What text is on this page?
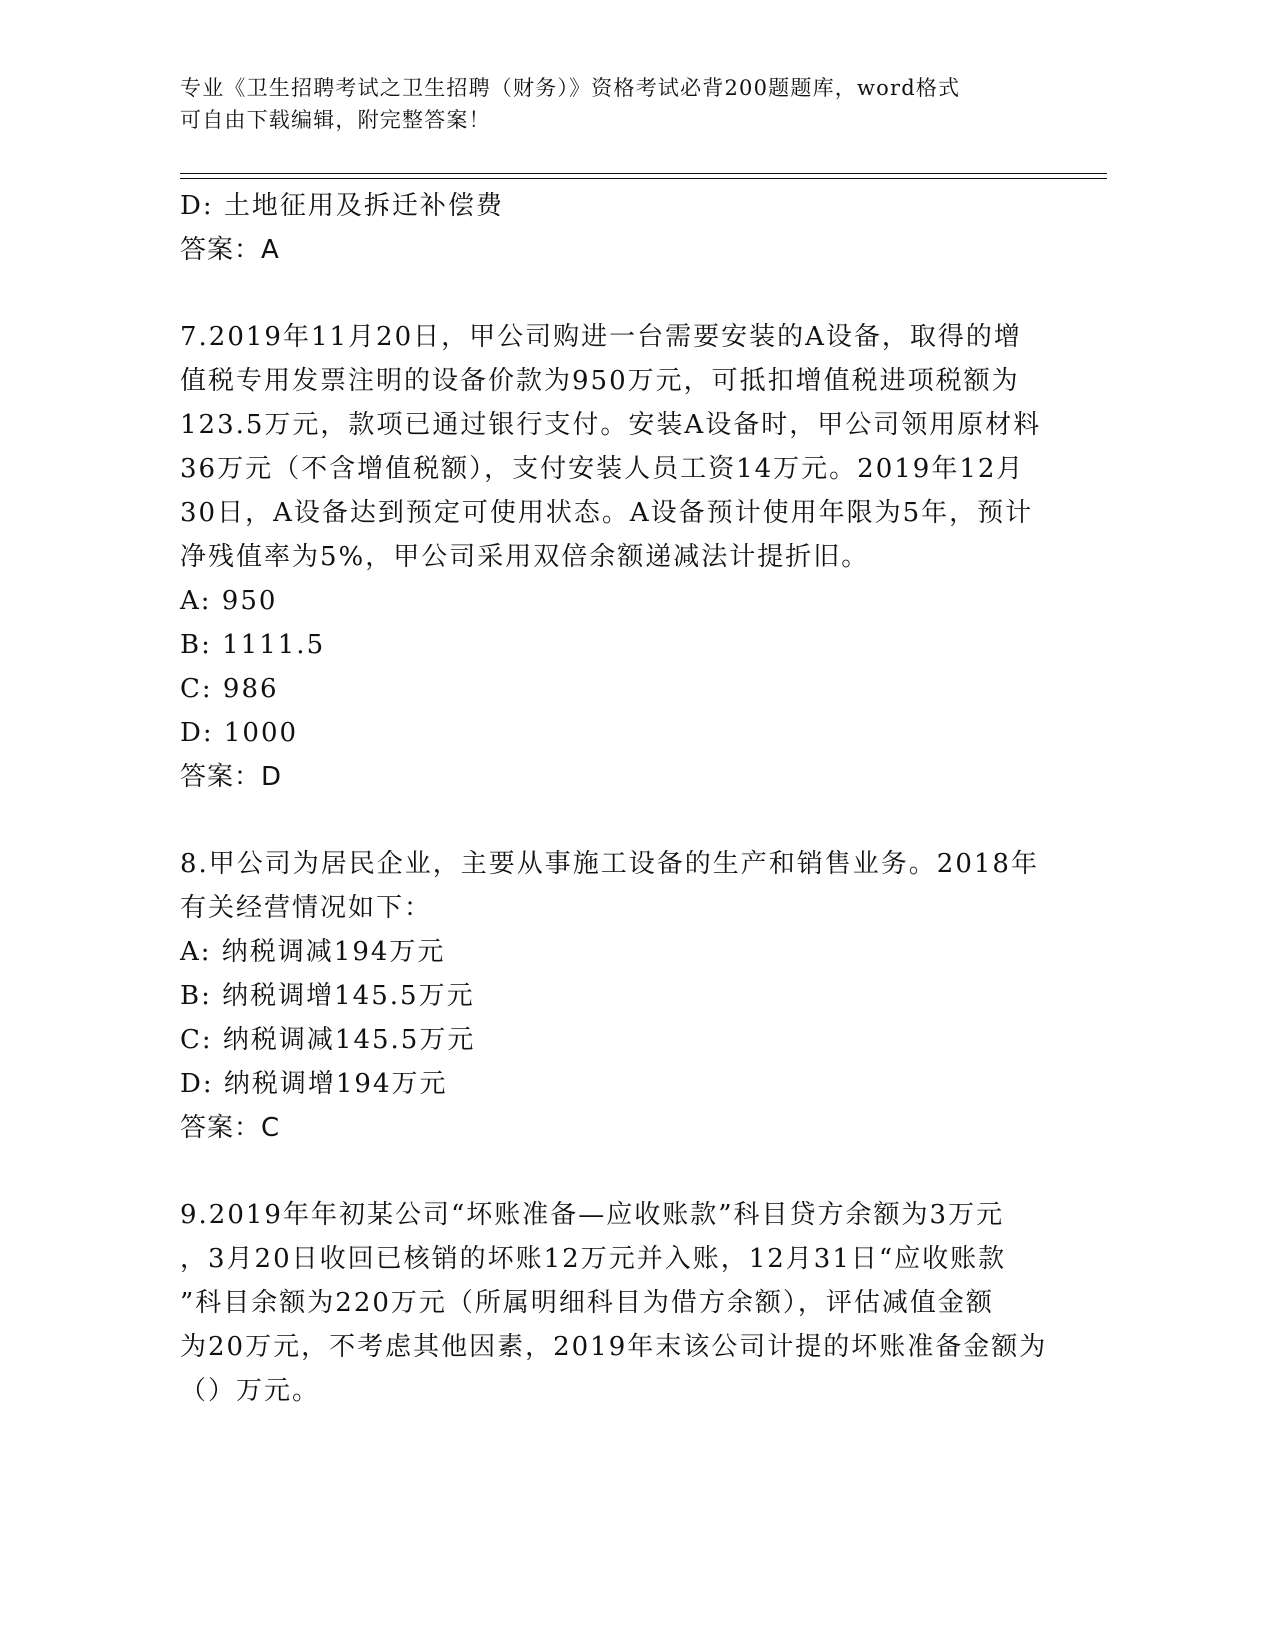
专业《卫生招聘考试之卫生招聘（财务）》资格考试必背200题题库，word格式
可自由下载编辑，附完整答案！
D: 土地征用及拆迁补偿费
答案：A
7.2019年11月20日，甲公司购进一台需要安装的A设备，取得的增
值税专用发票注明的设备价款为950万元，可抵扣增值税进项税额为
123.5万元，款项已通过银行支付。安装A设备时，甲公司领用原材料
36万元（不含增值税额），支付安装人员工资14万元。2019年12月
30日，A设备达到预定可使用状态。A设备预计使用年限为5年，预计
净残值率为5%，甲公司采用双倍余额递减法计提折旧。
A: 950
B: 1111.5
C: 986
D: 1000
答案：D
8.甲公司为居民企业，主要从事施工设备的生产和销售业务。2018年
有关经营情况如下：
A: 纳税调减194万元
B: 纳税调增145.5万元
C: 纳税调减145.5万元
D: 纳税调增194万元
答案：C
9.2019年年初某公司“坏账准备—应收账款”科目贷方余额为3万元
，3月20日收回已核销的坏账12万元并入账，12月31日“应收账款
”科目余额为220万元（所属明细科目为借方余额），评估减值金额
为20万元，不考虑其他因素，2019年末该公司计提的坏账准备金额为
（）万元。
